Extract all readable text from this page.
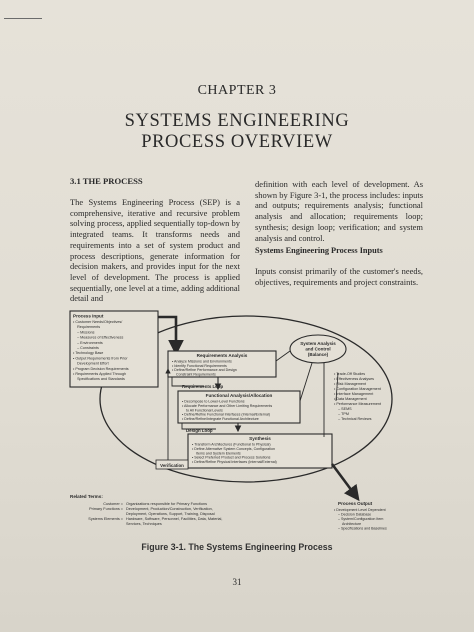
CHAPTER 3
SYSTEMS ENGINEERING
PROCESS OVERVIEW
3.1 THE PROCESS
The Systems Engineering Process (SEP) is a comprehensive, iterative and recursive problem solving process, applied sequentially top-down by integrated teams. It transforms needs and requirements into a set of system product and process descriptions, generate information for decision makers, and provides input for the next level of development. The process is applied sequentially, one level at a time, adding additional detail and
definition with each level of development. As shown by Figure 3-1, the process includes: inputs and outputs; requirements analysis; functional analysis and allocation; requirements loop; synthesis; design loop; verification; and system analysis and control.
Systems Engineering Process Inputs
Inputs consist primarily of the customer's needs, objectives, requirements and project constraints.
Process Input
• Customer Needs/Objectives/
Requirements
– Missions
– Measures of Effectiveness
– Environments
– Constraints
• Technology Base
• Output Requirements from Prior
Development Effort
• Program Decision Requirements
• Requirements Applied Through
Specifications and Standards
Requirements Analysis
• Analyze Missions and Environments
• Identify Functional Requirements
• Define/Refine Performance and Design
Constraint Requirements
Requirements Loop
Functional Analysis/Allocation
• Decompose to Lower-Level Functions
• Allocate Performance and Other Limiting Requirements
to All Functional Levels
• Define/Refine Functional Interfaces (Internal/External)
• Define/Refine/Integrate Functional Architecture
Design Loop
Synthesis
• Transform Architectures (Functional to Physical)
• Define Alternative System Concepts, Configuration
Items and System Elements
• Select Preferred Product and Process Solutions
• Define/Refine Physical Interfaces (Internal/External)
Verification
System Analysis
and Control
(Balance)
• Trade-Off Studies
• Effectiveness Analyses
• Risk Management
• Configuration Management
• Interface Management
• Data Management
• Performance Measurement
– SEMS
– TPM
– Technical Reviews
Related Terms:
Customer = Organizations responsible for Primary Functions
Primary Functions = Development, Production/Construction, Verification,
Deployment, Operations, Support, Training, Disposal
Systems Elements = Hardware, Software, Personnel, Facilities, Data, Material,
Services, Techniques
Process Output
• Development Level Dependent
– Decision Database
– System/Configuration Item
Architecture
– Specifications and Baselines
Figure 3-1. The Systems Engineering Process
31
